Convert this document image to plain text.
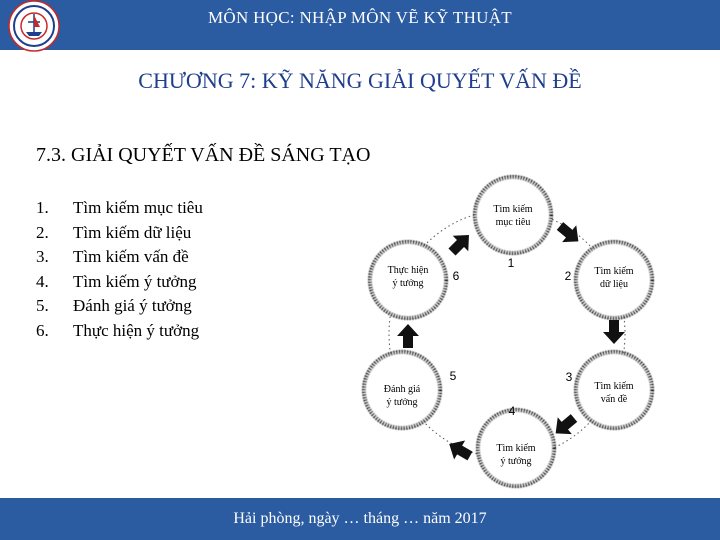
MÔN HỌC: NHẬP MÔN VẼ KỸ THUẬT
CHƯƠNG 7: KỸ NĂNG GIẢI QUYẾT VẤN ĐỀ
7.3. GIẢI QUYẾT VẤN ĐỀ SÁNG TẠO
1.	Tìm kiếm mục tiêu
2.	Tìm kiếm dữ liệu
3.	Tìm kiếm vấn đề
4.	Tìm kiếm ý tưởng
5.	Đánh giá ý tưởng
6.	Thực hiện ý tưởng
Tìm kiếm
mục tiêu
1
Tìm kiếm
dữ liệu
2
Tìm kiếm
vấn đề
3
Tìm kiếm
ý tưởng
4
Đánh giá
ý tưởng
5
Thực hiện
ý tưởng
6
Hải phòng, ngày … tháng … năm 2017
